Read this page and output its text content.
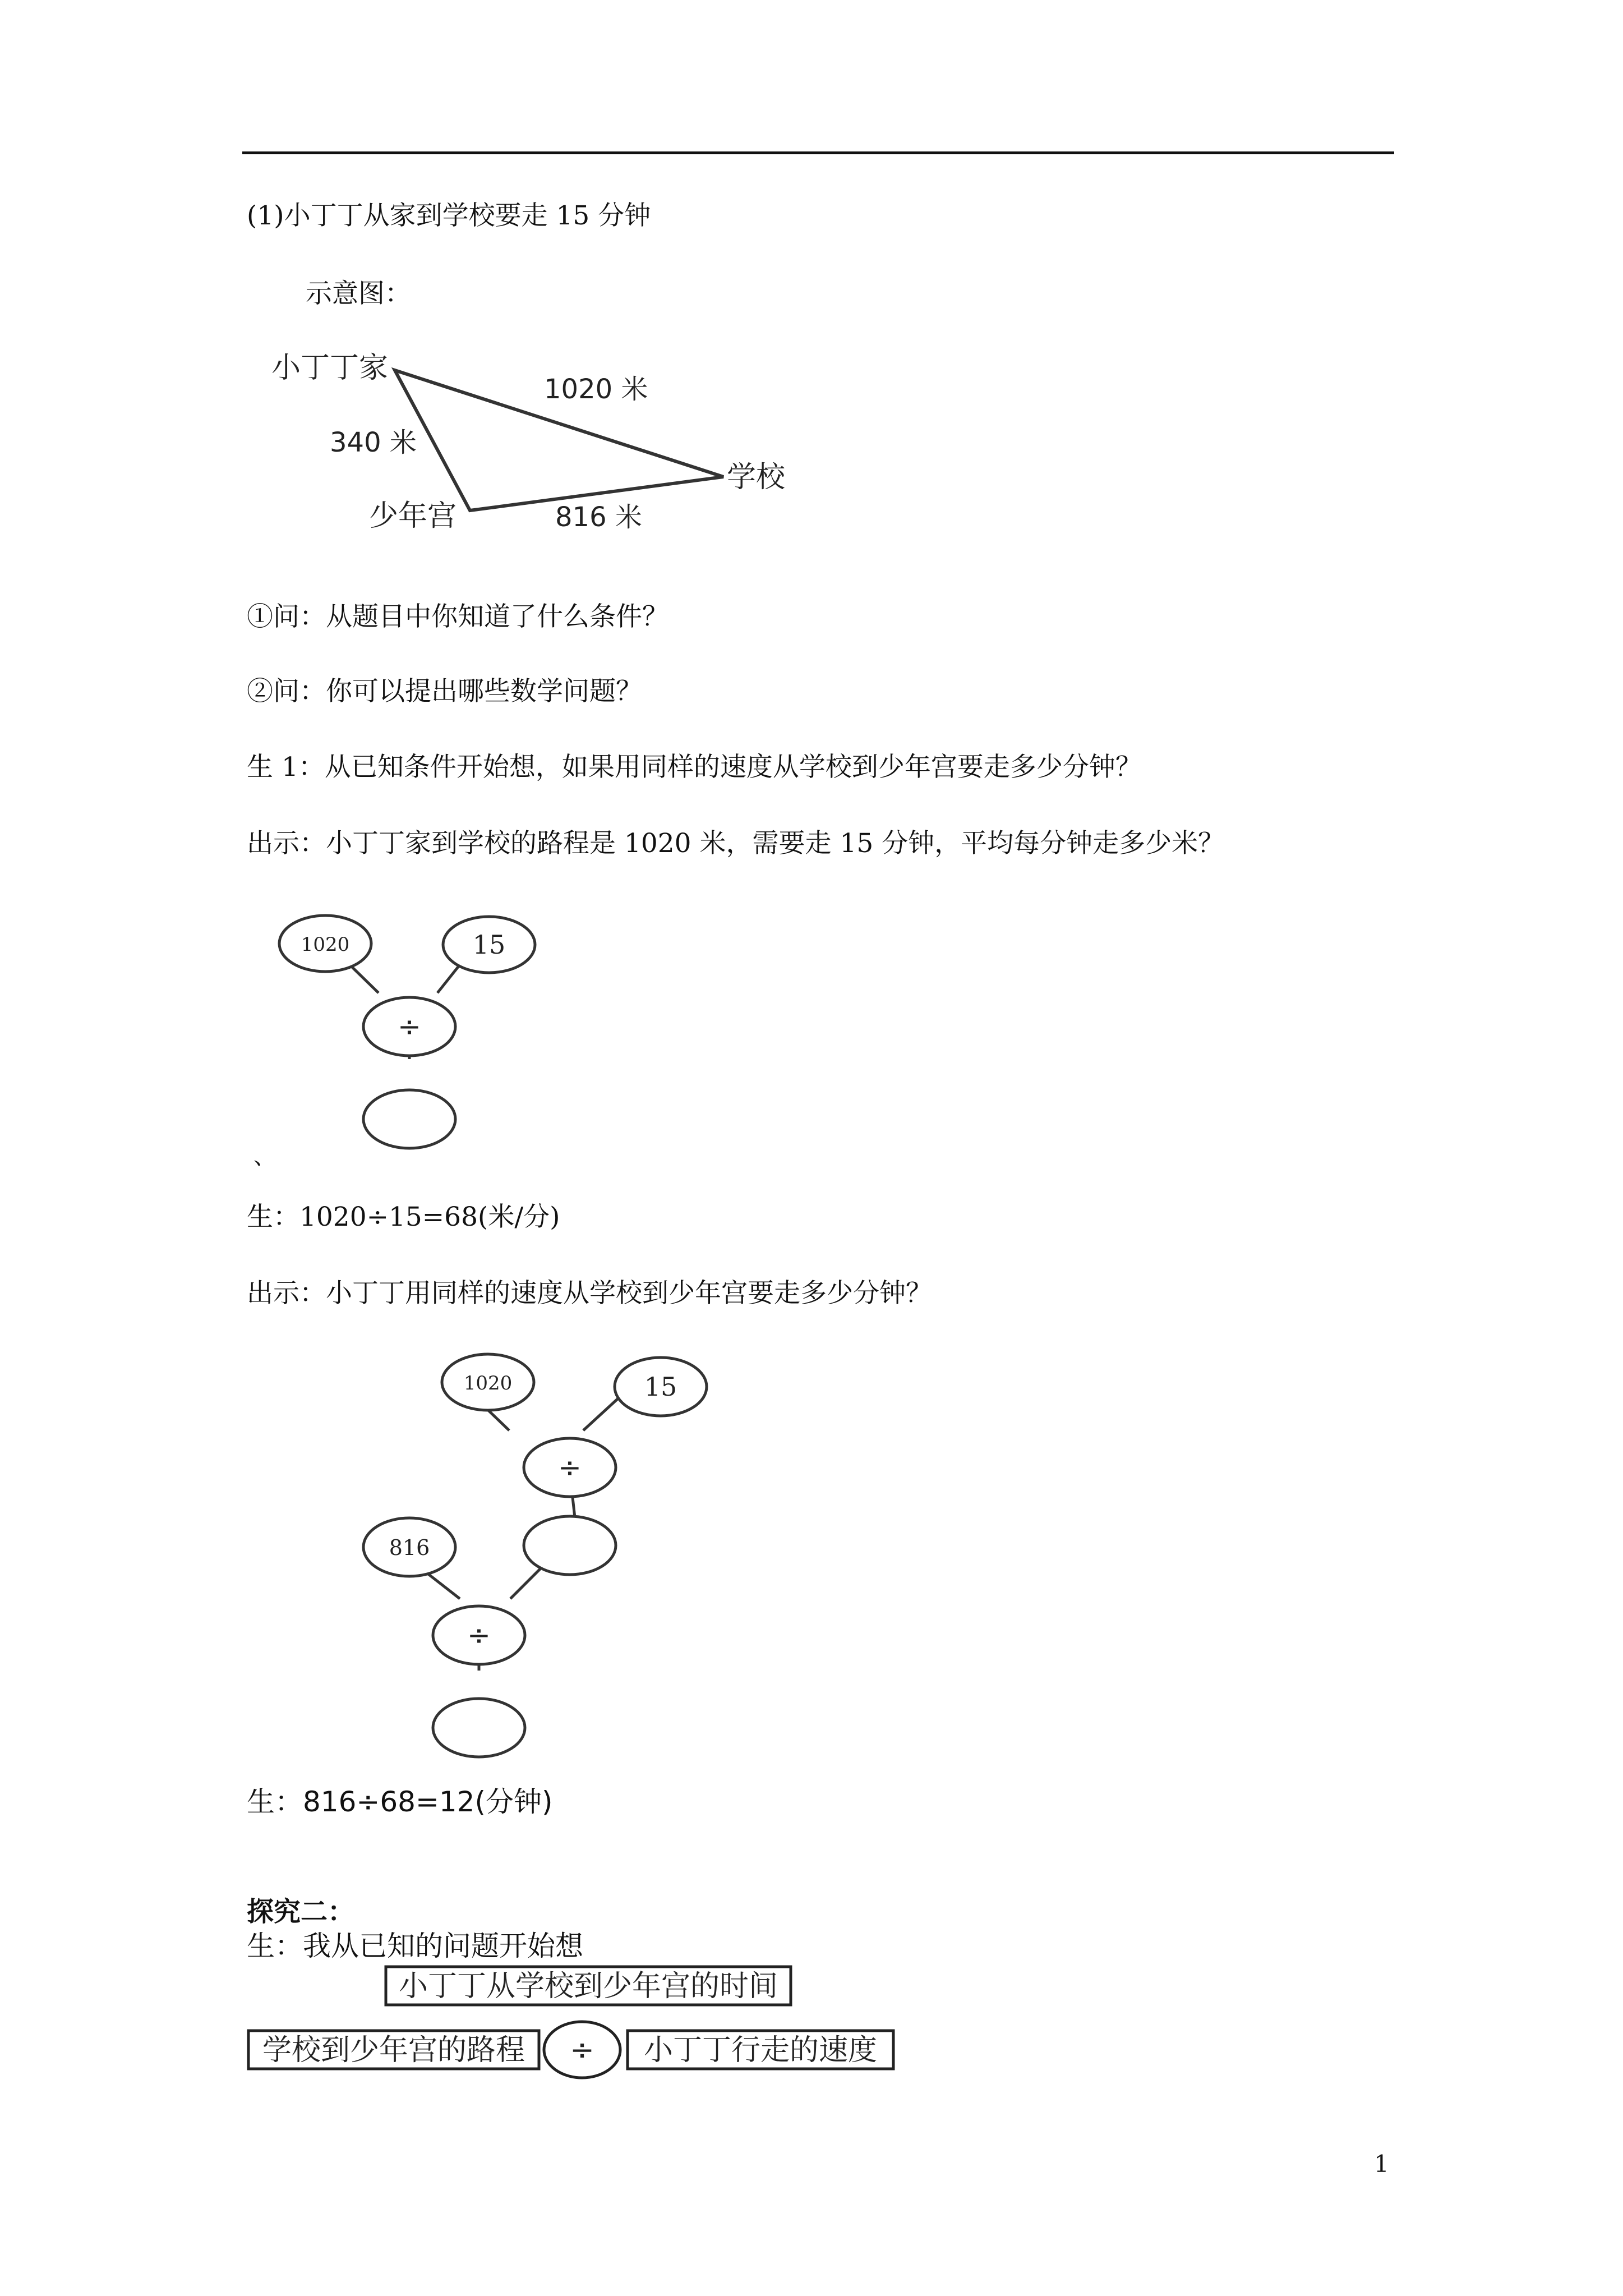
(1)小丁丁从家到学校要走 15 分钟
示意图：
小丁丁家
学校
少年宫
1020 米
340 米
816 米
①问：从题目中你知道了什么条件？
②问：你可以提出哪些数学问题？
生 1：从已知条件开始想，如果用同样的速度从学校到少年宫要走多少分钟？
出示：小丁丁家到学校的路程是 1020 米，需要走 15 分钟，平均每分钟走多少米？
1020	15
÷
、
生：1020÷15=68(米/分)
出示：小丁丁用同样的速度从学校到少年宫要走多少分钟？
1020	15
÷
816
÷
生：816÷68=12(分钟)
探究二：
生：我从已知的问题开始想
小丁丁从学校到少年宫的时间
学校到少年宫的路程 ÷ 小丁丁行走的速度
1
